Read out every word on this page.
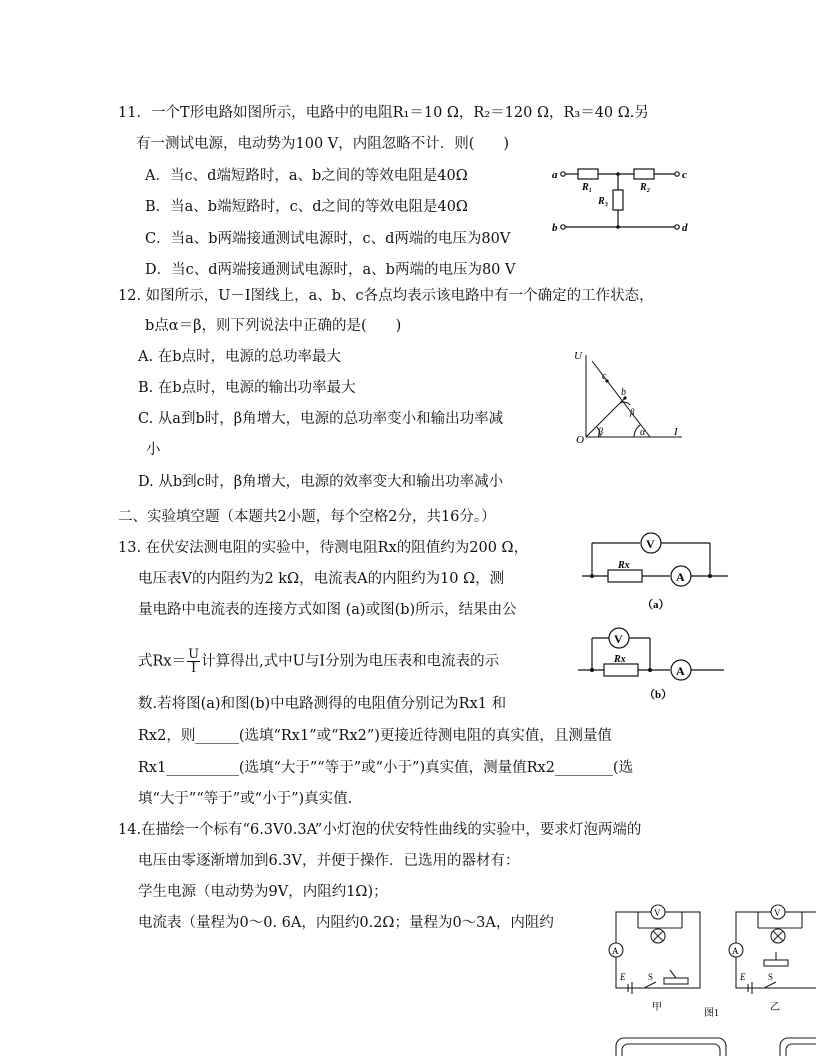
11．一个T形电路如图所示，电路中的电阻R₁＝10 Ω，R₂＝120 Ω，R₃＝40 Ω.另
有一测试电源，电动势为100 V，内阻忽略不计．则(　　)
A．当c、d端短路时，a、b之间的等效电阻是40Ω
B．当a、b端短路时，c、d之间的等效电阻是40Ω
C．当a、b两端接通测试电源时，c、d两端的电压为80V
D．当c、d两端接通测试电源时，a、b两端的电压为80 V
a	c
b	d
R₁	R₂
R₃
12. 如图所示，U－I图线上，a、b、c各点均表示该电路中有一个确定的工作状态，
b点α＝β，则下列说法中正确的是(　　)
A. 在b点时，电源的总功率最大
B. 在b点时，电源的输出功率最大
C. 从a到b时，β角增大，电源的总功率变小和输出功率减
小
D. 从b到c时，β角增大，电源的效率变大和输出功率减小
U
O
I
c
b
β	α
β
二、实验填空题（本题共2小题，每个空格2分，共16分。）
13. 在伏安法测电阻的实验中，待测电阻Rx的阻值约为200 Ω，
电压表V的内阻约为2 kΩ，电流表A的内阻约为10 Ω，测
量电路中电流表的连接方式如图 (a)或图(b)所示，结果由公
式$Rx= \frac{U}{I}$ 计算得出,式中U与I分别为电压表和电流表的示
数.若将图(a)和图(b)中电路测得的电阻值分别记为Rx1 和
Rx2，则______(选填“Rx1”或“Rx2”)更接近待测电阻的真实值，且测量值
Rx1__________(选填“大于”“等于”或“小于”)真实值，测量值Rx2________(选
填“大于”“等于”或“小于”)真实值.
V
A
Rx
（a）
V
A
Rx
（b）
14.在描绘一个标有“6.3V0.3A”小灯泡的伏安特性曲线的实验中，要求灯泡两端的
电压由零逐渐增加到6.3V，并便于操作．已选用的器材有：
学生电源（电动势为9V，内阻约1Ω)；
电流表（量程为0～0. 6A，内阻约0.2Ω；量程为0～3A，内阻约
V
A
E	S
V
A
E	S
甲
图1
乙
